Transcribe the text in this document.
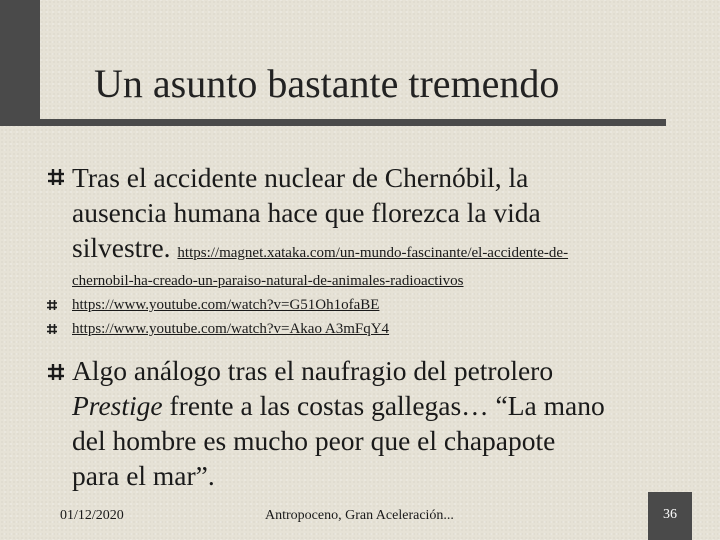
Un asunto bastante tremendo
Tras el accidente nuclear de Chernóbil, la
ausencia humana hace que florezca la vida
silvestre. https://magnet.xataka.com/un-mundo-fascinante/el-accidente-de-
chernobil-ha-creado-un-paraiso-natural-de-animales-radioactivos
https://www.youtube.com/watch?v=G51Oh1ofaBE
https://www.youtube.com/watch?v=Akao A3mFqY4
Algo análogo tras el naufragio del petrolero
Prestige frente a las costas gallegas… “La mano
del hombre es mucho peor que el chapapote
para el mar”.
01/12/2020	Antropoceno, Gran Aceleración...	36
